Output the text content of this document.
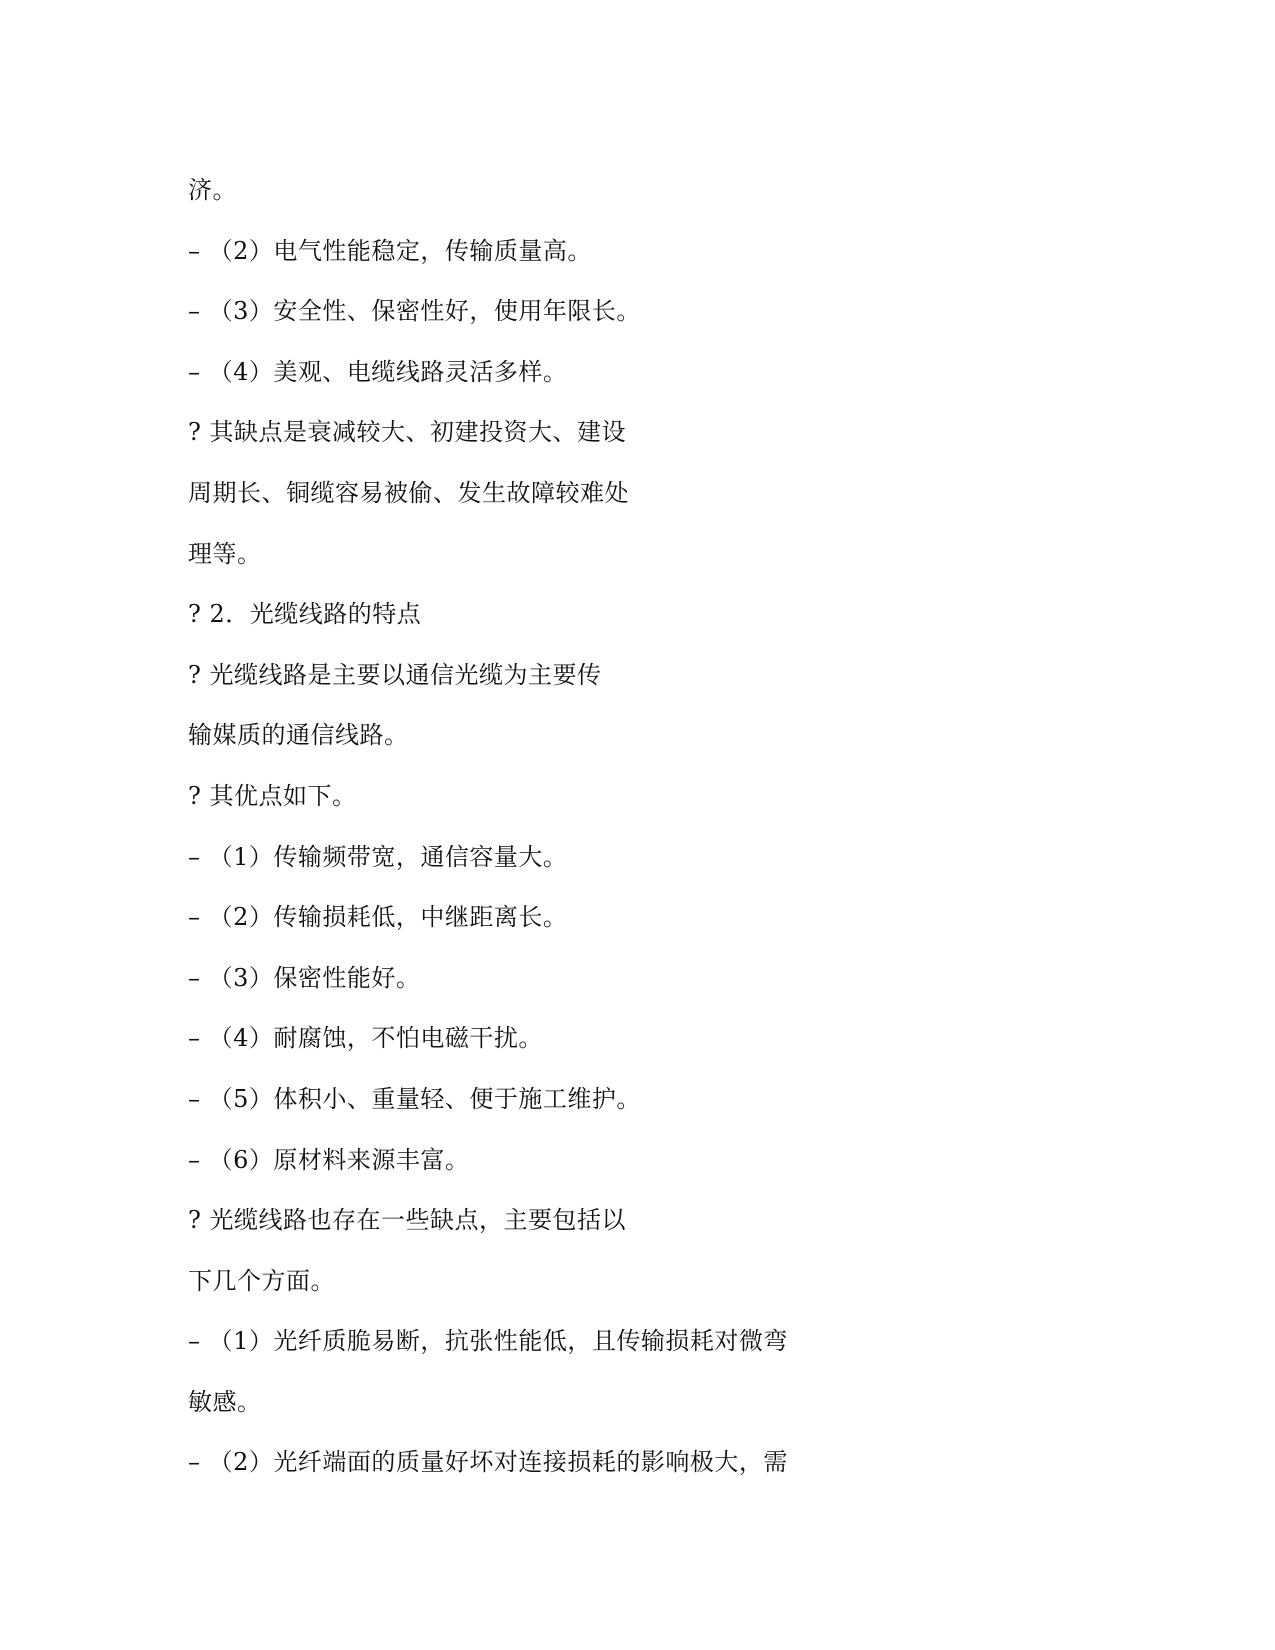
济。
– （2）电气性能稳定，传输质量高。
– （3）安全性、保密性好，使用年限长。
– （4）美观、电缆线路灵活多样。
? 其缺点是衰减较大、初建投资大、建设
周期长、铜缆容易被偷、发生故障较难处
理等。
? 2．光缆线路的特点
? 光缆线路是主要以通信光缆为主要传
输媒质的通信线路。
? 其优点如下。
– （1）传输频带宽，通信容量大。
– （2）传输损耗低，中继距离长。
– （3）保密性能好。
– （4）耐腐蚀，不怕电磁干扰。
– （5）体积小、重量轻、便于施工维护。
– （6）原材料来源丰富。
? 光缆线路也存在一些缺点，主要包括以
下几个方面。
– （1）光纤质脆易断，抗张性能低，且传输损耗对微弯
敏感。
– （2）光纤端面的质量好坏对连接损耗的影响极大，需
